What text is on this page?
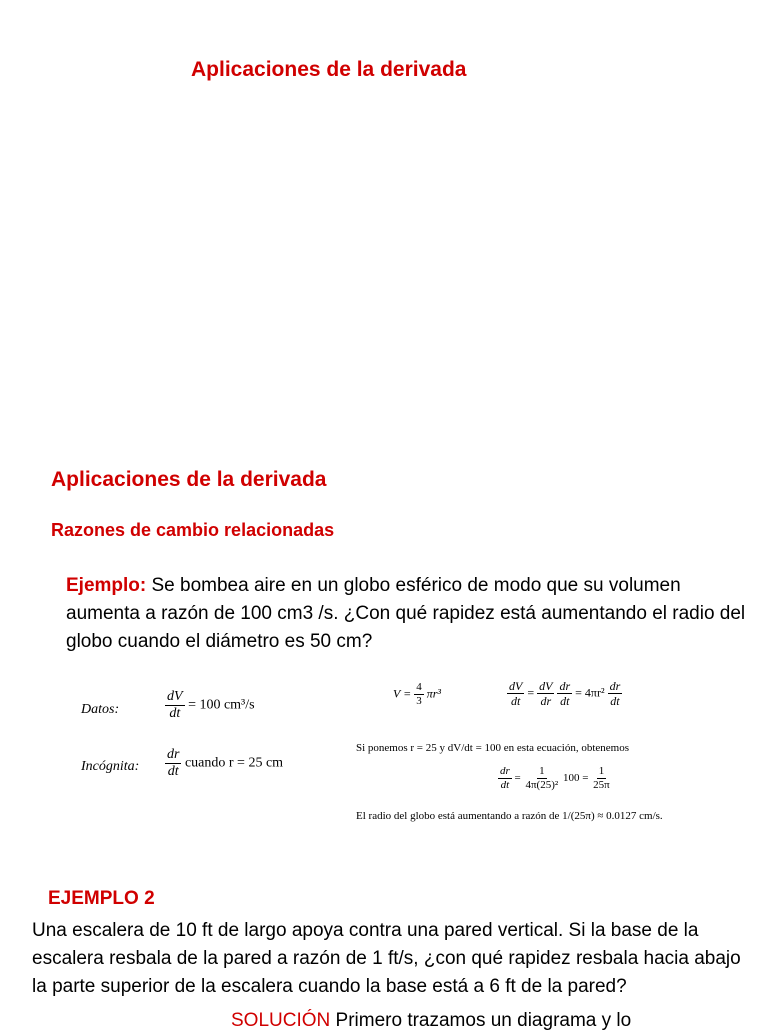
Aplicaciones de la derivada
Aplicaciones de la derivada
Razones de cambio relacionadas
Ejemplo: Se bombea aire en un globo esférico de modo que su volumen aumenta a razón de 100 cm3 /s. ¿Con qué rapidez está aumentando el radio del globo cuando el diámetro es 50 cm?
Datos:	$\frac{dV}{dt} = 100$ cm³/s
Incógnita: $\frac{dr}{dt}$ cuando r = 25 cm
$V = \frac{4}{3} \pi r^3$	$\frac{dV}{dt} = \frac{dV}{dr}$
$\frac{dr}{dt} = 4\pi r^2 \frac{dr}{dt}$
Si ponemos r = 25 y dV/dt = 100 en esta ecuación, obtenemos
$\frac{dr}{dt} = \frac{1}{\text{4π(25)²}} 100 = \frac{1}{25\pi}$
El radio del globo está aumentando a razón de 1/(25π) ≈ 0.0127 cm/s.
EJEMPLO 2
Una escalera de 10 ft de largo apoya contra una pared vertical. Si la base de la escalera resbala de la pared a razón de 1 ft/s, ¿con qué rapidez resbala hacia abajo la parte superior de la escalera cuando la base está a 6 ft de la pared?
SOLUCIÓN Primero trazamos un diagrama y lo
